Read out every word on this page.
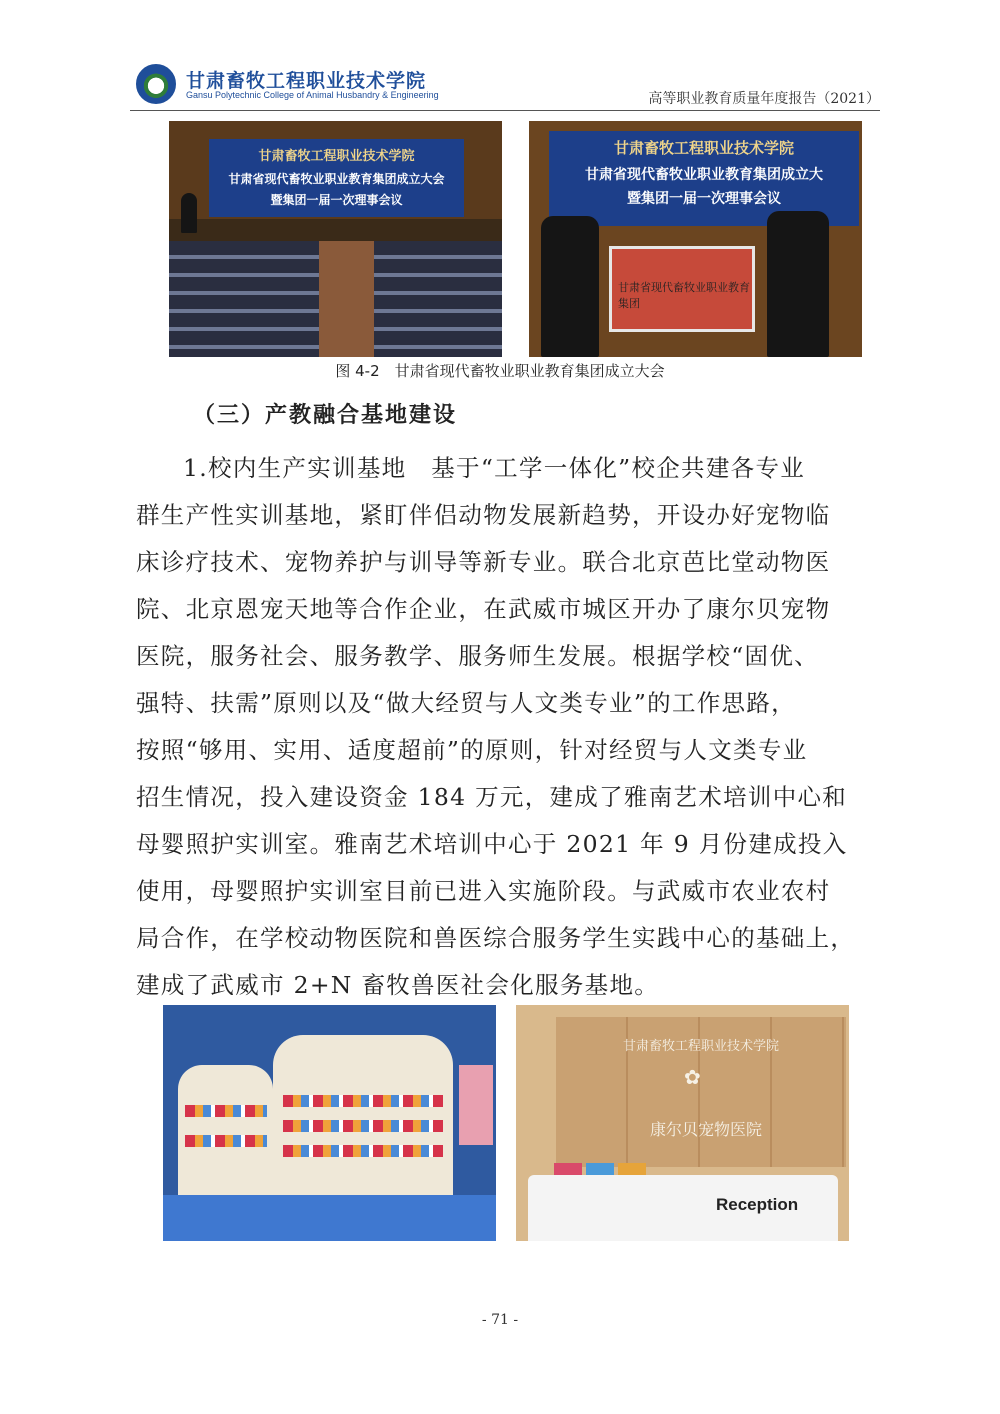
甘肃畜牧工程职业技术学院
Gansu Polytechnic College of Animal Husbandry & Engineering	高等职业教育质量年度报告（2021）
甘肃畜牧工程职业技术学院
甘肃省现代畜牧业职业教育集团成立大会
暨集团一届一次理事会议
甘肃畜牧工程职业技术学院
甘肃省现代畜牧业职业教育集团成立大
暨集团一届一次理事会议
甘肃省现代畜牧业职业教育集团
图 4-2　甘肃省现代畜牧业职业教育集团成立大会
（三）产教融合基地建设
1.校内生产实训基地　基于“工学一体化”校企共建各专业
群生产性实训基地，紧盯伴侣动物发展新趋势，开设办好宠物临
床诊疗技术、宠物养护与训导等新专业。联合北京芭比堂动物医
院、北京恩宠天地等合作企业，在武威市城区开办了康尔贝宠物
医院，服务社会、服务教学、服务师生发展。根据学校“固优、
强特、扶需”原则以及“做大经贸与人文类专业”的工作思路，
按照“够用、实用、适度超前”的原则，针对经贸与人文类专业
招生情况，投入建设资金 184 万元，建成了雅南艺术培训中心和
母婴照护实训室。雅南艺术培训中心于 2021 年 9 月份建成投入
使用，母婴照护实训室目前已进入实施阶段。与武威市农业农村
局合作，在学校动物医院和兽医综合服务学生实践中心的基础上，
建成了武威市 2+N 畜牧兽医社会化服务基地。
甘肃畜牧工程职业技术学院
✿
康尔贝宠物医院
Reception
- 71 -
